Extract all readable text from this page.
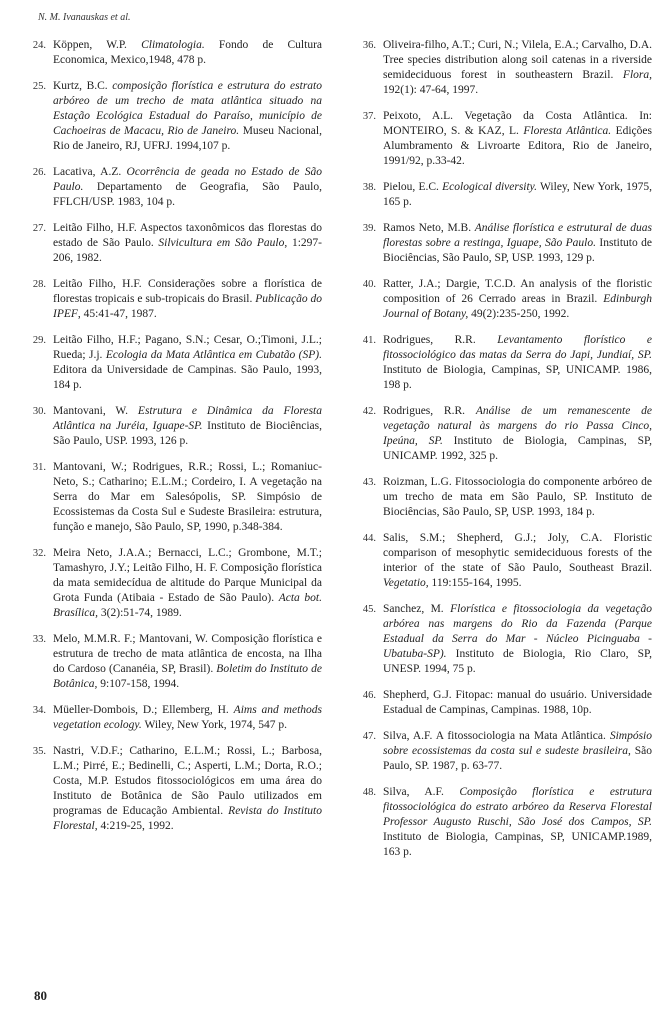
N. M. Ivanauskas et al.
24. Köppen, W.P. Climatologia. Fondo de Cultura Economica, Mexico,1948, 478 p.
25. Kurtz, B.C. composição florística e estrutura do estrato arbóreo de um trecho de mata atlântica situado na Estação Ecológica Estadual do Paraíso, município de Cachoeiras de Macacu, Rio de Janeiro. Museu Nacional, Rio de Janeiro, RJ, UFRJ. 1994,107 p.
26. Lacativa, A.Z. Ocorrência de geada no Estado de São Paulo. Departamento de Geografia, São Paulo, FFLCH/USP. 1983, 104 p.
27. Leitão Filho, H.F. Aspectos taxonômicos das florestas do estado de São Paulo. Silvicultura em São Paulo, 1:297-206, 1982.
28. Leitão Filho, H.F. Considerações sobre a florística de florestas tropicais e sub-tropicais do Brasil. Publicação do IPEF, 45:41-47, 1987.
29. Leitão Filho, H.F.; Pagano, S.N.; Cesar, O.;Timoni, J.L.; Rueda; J.j. Ecologia da Mata Atlântica em Cubatão (SP). Editora da Universidade de Campinas. São Paulo, 1993, 184 p.
30. Mantovani, W. Estrutura e Dinâmica da Floresta Atlântica na Juréia, Iguape-SP. Instituto de Biociências, São Paulo, USP. 1993, 126 p.
31. Mantovani, W.; Rodrigues, R.R.; Rossi, L.; Romaniuc-Neto, S.; Catharino; E.L.M.; Cordeiro, I. A vegetação na Serra do Mar em Salesópolis, SP. Simpósio de Ecossistemas da Costa Sul e Sudeste Brasileira: estrutura, função e manejo, São Paulo, SP, 1990, p.348-384.
32. Meira Neto, J.A.A.; Bernacci, L.C.; Grombone, M.T.; Tamashyro, J.Y.; Leitão Filho, H. F. Composição florística da mata semidecídua de altitude do Parque Municipal da Grota Funda (Atibaia - Estado de São Paulo). Acta bot. Brasílica, 3(2):51-74, 1989.
33. Melo, M.M.R. F.; Mantovani, W. Composição florística e estrutura de trecho de mata atlântica de encosta, na Ilha do Cardoso (Cananéia, SP, Brasil). Boletim do Instituto de Botânica, 9:107-158, 1994.
34. Müeller-Dombois, D.; Ellemberg, H. Aims and methods vegetation ecology. Wiley, New York, 1974, 547 p.
35. Nastri, V.D.F.; Catharino, E.L.M.; Rossi, L.; Barbosa, L.M.; Pirré, E.; Bedinelli, C.; Asperti, L.M.; Dorta, R.O.; Costa, M.P. Estudos fitossociológicos em uma área do Instituto de Botânica de São Paulo utilizados em programas de Educação Ambiental. Revista do Instituto Florestal, 4:219-25, 1992.
36. Oliveira-filho, A.T.; Curi, N.; Vilela, E.A.; Carvalho, D.A. Tree species distribution along soil catenas in a riverside semideciduous forest in southeastern Brazil. Flora, 192(1): 47-64, 1997.
37. Peixoto, A.L. Vegetação da Costa Atlântica. In: MONTEIRO, S. & KAZ, L. Floresta Atlântica. Edições Alumbramento & Livroarte Editora, Rio de Janeiro, 1991/92, p.33-42.
38. Pielou, E.C. Ecological diversity. Wiley, New York, 1975, 165 p.
39. Ramos Neto, M.B. Análise florística e estrutural de duas florestas sobre a restinga, Iguape, São Paulo. Instituto de Biociências, São Paulo, SP, USP. 1993, 129 p.
40. Ratter, J.A.; Dargie, T.C.D. An analysis of the floristic composition of 26 Cerrado areas in Brazil. Edinburgh Journal of Botany, 49(2):235-250, 1992.
41. Rodrigues, R.R. Levantamento florístico e fitossociológico das matas da Serra do Japi, Jundiaí, SP. Instituto de Biologia, Campinas, SP, UNICAMP. 1986, 198 p.
42. Rodrigues, R.R. Análise de um remanescente de vegetação natural às margens do rio Passa Cinco, Ipeúna, SP. Instituto de Biologia, Campinas, SP, UNICAMP. 1992, 325 p.
43. Roizman, L.G. Fitossociologia do componente arbóreo de um trecho de mata em São Paulo, SP. Instituto de Biociências, São Paulo, SP, USP. 1993, 184 p.
44. Salis, S.M.; Shepherd, G.J.; Joly, C.A. Floristic comparison of mesophytic semideciduous forests of the interior of the state of São Paulo, Southeast Brazil. Vegetatio, 119:155-164, 1995.
45. Sanchez, M. Florística e fitossociologia da vegetação arbórea nas margens do Rio da Fazenda (Parque Estadual da Serra do Mar - Núcleo Picinguaba - Ubatuba-SP). Instituto de Biologia, Rio Claro, SP, UNESP. 1994, 75 p.
46. Shepherd, G.J. Fitopac: manual do usuário. Universidade Estadual de Campinas, Campinas. 1988, 10p.
47. Silva, A.F. A fitossociologia na Mata Atlântica. Simpósio sobre ecossistemas da costa sul e sudeste brasileira, São Paulo, SP. 1987, p. 63-77.
48. Silva, A.F. Composição florística e estrutura fitossociológica do estrato arbóreo da Reserva Florestal Professor Augusto Ruschi, São José dos Campos, SP. Instituto de Biologia, Campinas, SP, UNICAMP.1989, 163 p.
80
